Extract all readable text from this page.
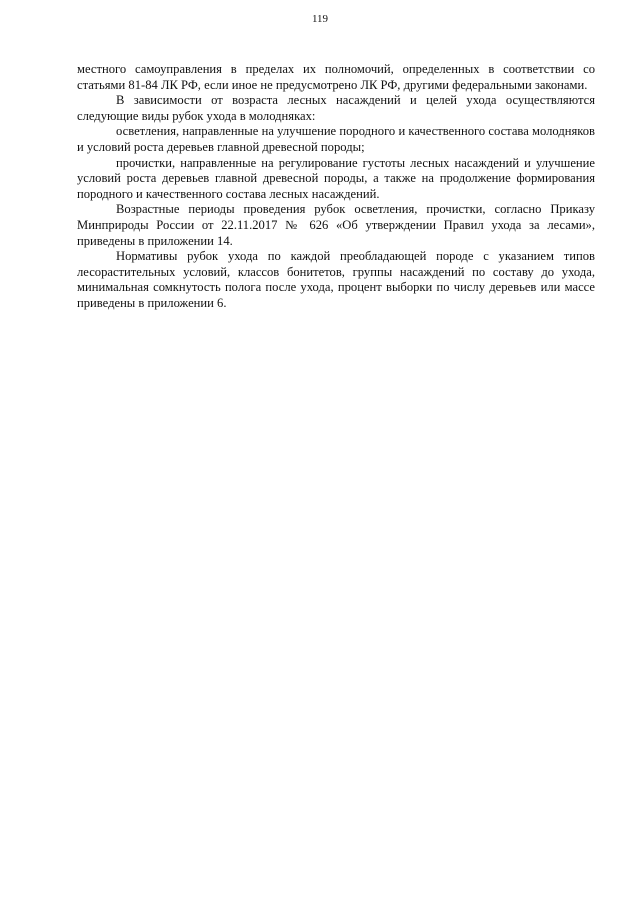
119

местного самоуправления в пределах их полномочий, определенных в соответствии со статьями 81-84 ЛК РФ, если иное не предусмотрено ЛК РФ, другими федеральными законами.

В зависимости от возраста лесных насаждений и целей ухода осуществляются следующие виды рубок ухода в молодняках:

осветления, направленные на улучшение породного и качественного состава молодняков и условий роста деревьев главной древесной породы;

прочистки, направленные на регулирование густоты лесных насаждений и улучшение условий роста деревьев главной древесной породы, а также на продолжение формирования породного и качественного состава лесных насаждений.

Возрастные периоды проведения рубок осветления, прочистки, согласно Приказу Минприроды России от 22.11.2017 № 626 «Об утверждении Правил ухода за лесами», приведены в приложении 14.

Нормативы рубок ухода по каждой преобладающей породе с указанием типов лесорастительных условий, классов бонитетов, группы насаждений по составу до ухода, минимальная сомкнутость полога после ухода, процент выборки по числу деревьев или массе приведены в приложении 6.
